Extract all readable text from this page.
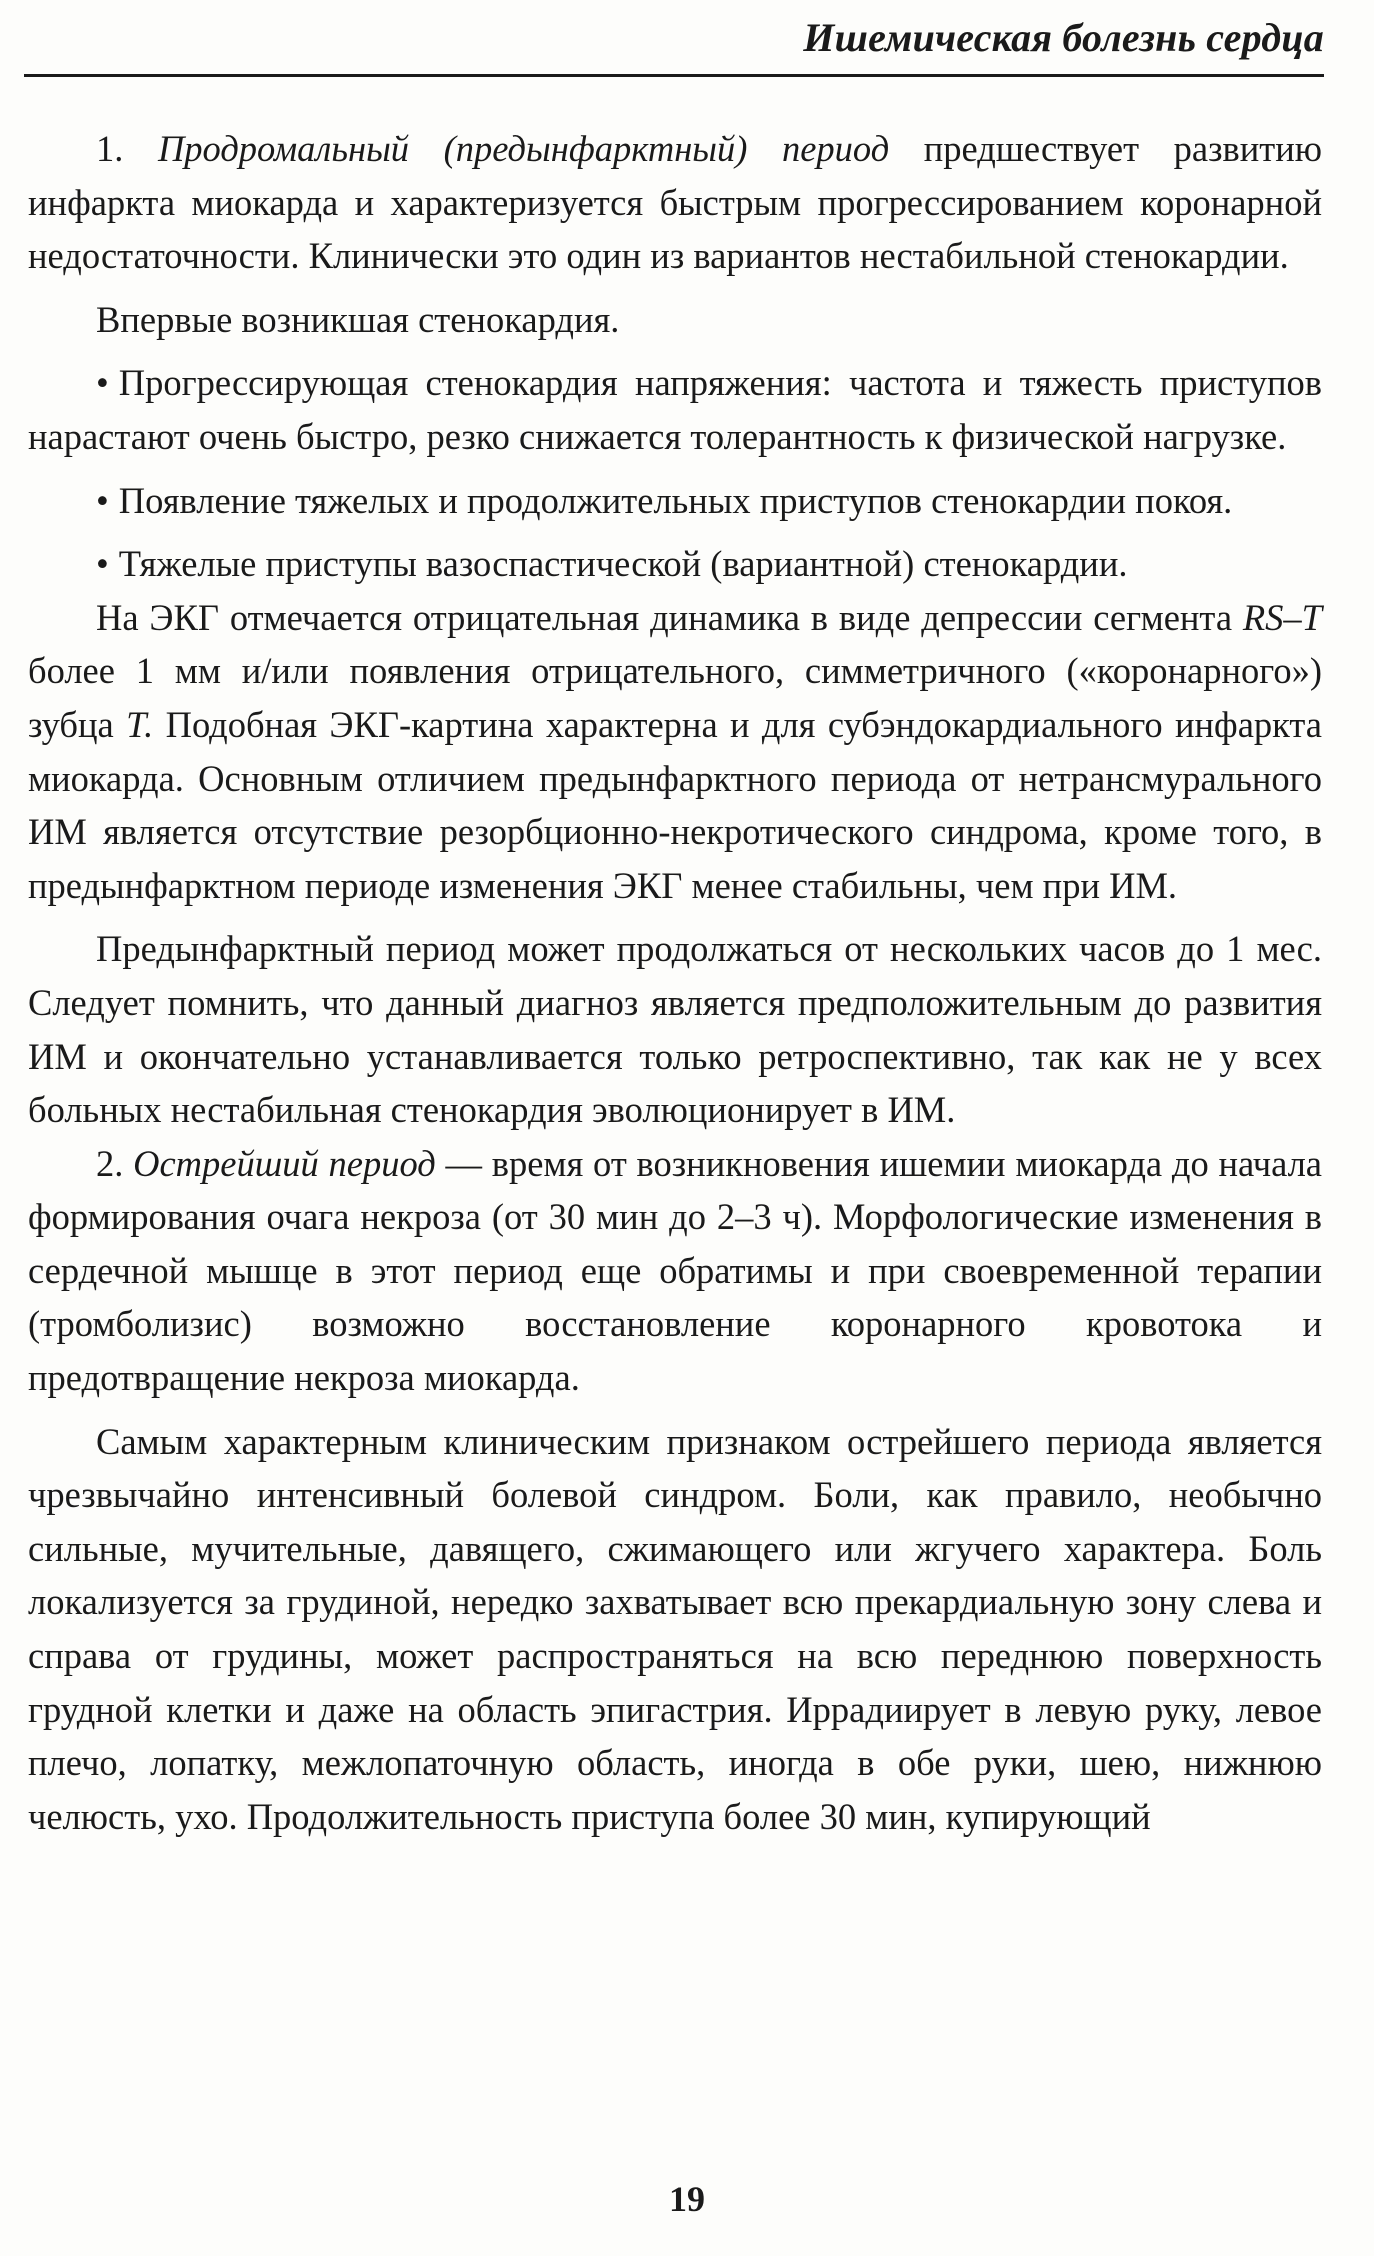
Ишемическая болезнь сердца

1. Продромальный (предынфарктный) период предшествует развитию инфаркта миокарда и характеризуется быстрым прогрессированием коронарной недостаточности. Клинически это один из вариантов нестабильной стенокардии.

Впервые возникшая стенокардия.

• Прогрессирующая стенокардия напряжения: частота и тяжесть приступов нарастают очень быстро, резко снижается толерантность к физической нагрузке.

• Появление тяжелых и продолжительных приступов стенокардии покоя.

• Тяжелые приступы вазоспастической (вариантной) стенокардии.

На ЭКГ отмечается отрицательная динамика в виде депрессии сегмента RS–T более 1 мм и/или появления отрицательного, симметричного («коронарного») зубца Т. Подобная ЭКГ-картина характерна и для субэндокардиального инфаркта миокарда. Основным отличием предынфарктного периода от нетрансмурального ИМ является отсутствие резорбционно-некротического синдрома, кроме того, в предынфарктном периоде изменения ЭКГ менее стабильны, чем при ИМ.

Предынфарктный период может продолжаться от нескольких часов до 1 мес. Следует помнить, что данный диагноз является предположительным до развития ИМ и окончательно устанавливается только ретроспективно, так как не у всех больных нестабильная стенокардия эволюционирует в ИМ.

2. Острейший период — время от возникновения ишемии миокарда до начала формирования очага некроза (от 30 мин до 2–3 ч). Морфологические изменения в сердечной мышце в этот период еще обратимы и при своевременной терапии (тромболизис) возможно восстановление коронарного кровотока и предотвращение некроза миокарда.

Самым характерным клиническим признаком острейшего периода является чрезвычайно интенсивный болевой синдром. Боли, как правило, необычно сильные, мучительные, давящего, сжимающего или жгучего характера. Боль локализуется за грудиной, нередко захватывает всю прекардиальную зону слева и справа от грудины, может распространяться на всю переднюю поверхность грудной клетки и даже на область эпигастрия. Иррадиирует в левую руку, левое плечо, лопатку, межлопаточную область, иногда в обе руки, шею, нижнюю челюсть, ухо. Продолжительность приступа более 30 мин, купирующий

19
